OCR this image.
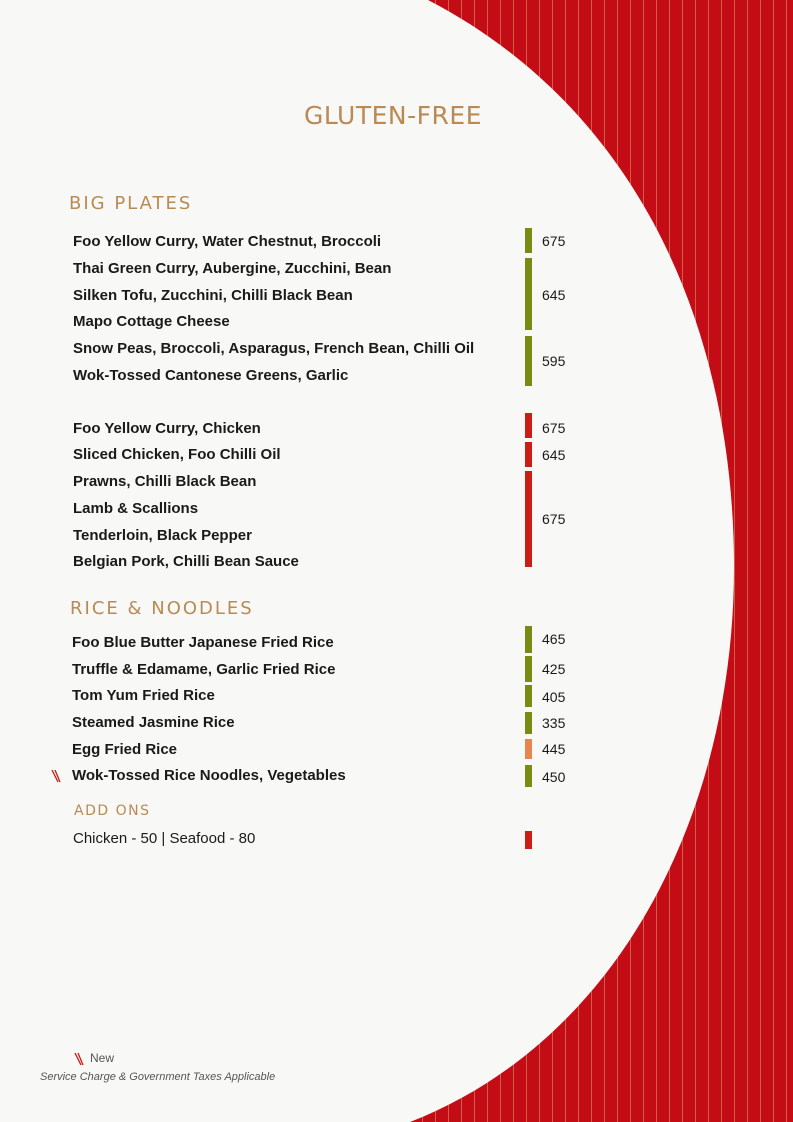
GLUTEN-FREE
BIG PLATES
Foo Yellow Curry, Water Chestnut, Broccoli
Thai Green Curry, Aubergine, Zucchini, Bean
Silken Tofu, Zucchini, Chilli Black Bean
Mapo Cottage Cheese
Snow Peas, Broccoli, Asparagus, French Bean, Chilli Oil
Wok-Tossed Cantonese Greens, Garlic
675
645
595
Foo Yellow Curry, Chicken
Sliced Chicken, Foo Chilli Oil
Prawns, Chilli Black Bean
Lamb & Scallions
Tenderloin, Black Pepper
Belgian Pork, Chilli Bean Sauce
675
645
675
RICE & NOODLES
Foo Blue Butter Japanese Fried Rice
Truffle & Edamame, Garlic Fried Rice
Tom Yum Fried Rice
Steamed Jasmine Rice
Egg Fried Rice
Wok-Tossed Rice Noodles, Vegetables
465
425
405
335
445
450
ADD ONS
Chicken - 50 | Seafood - 80
New
Service Charge & Government Taxes Applicable
